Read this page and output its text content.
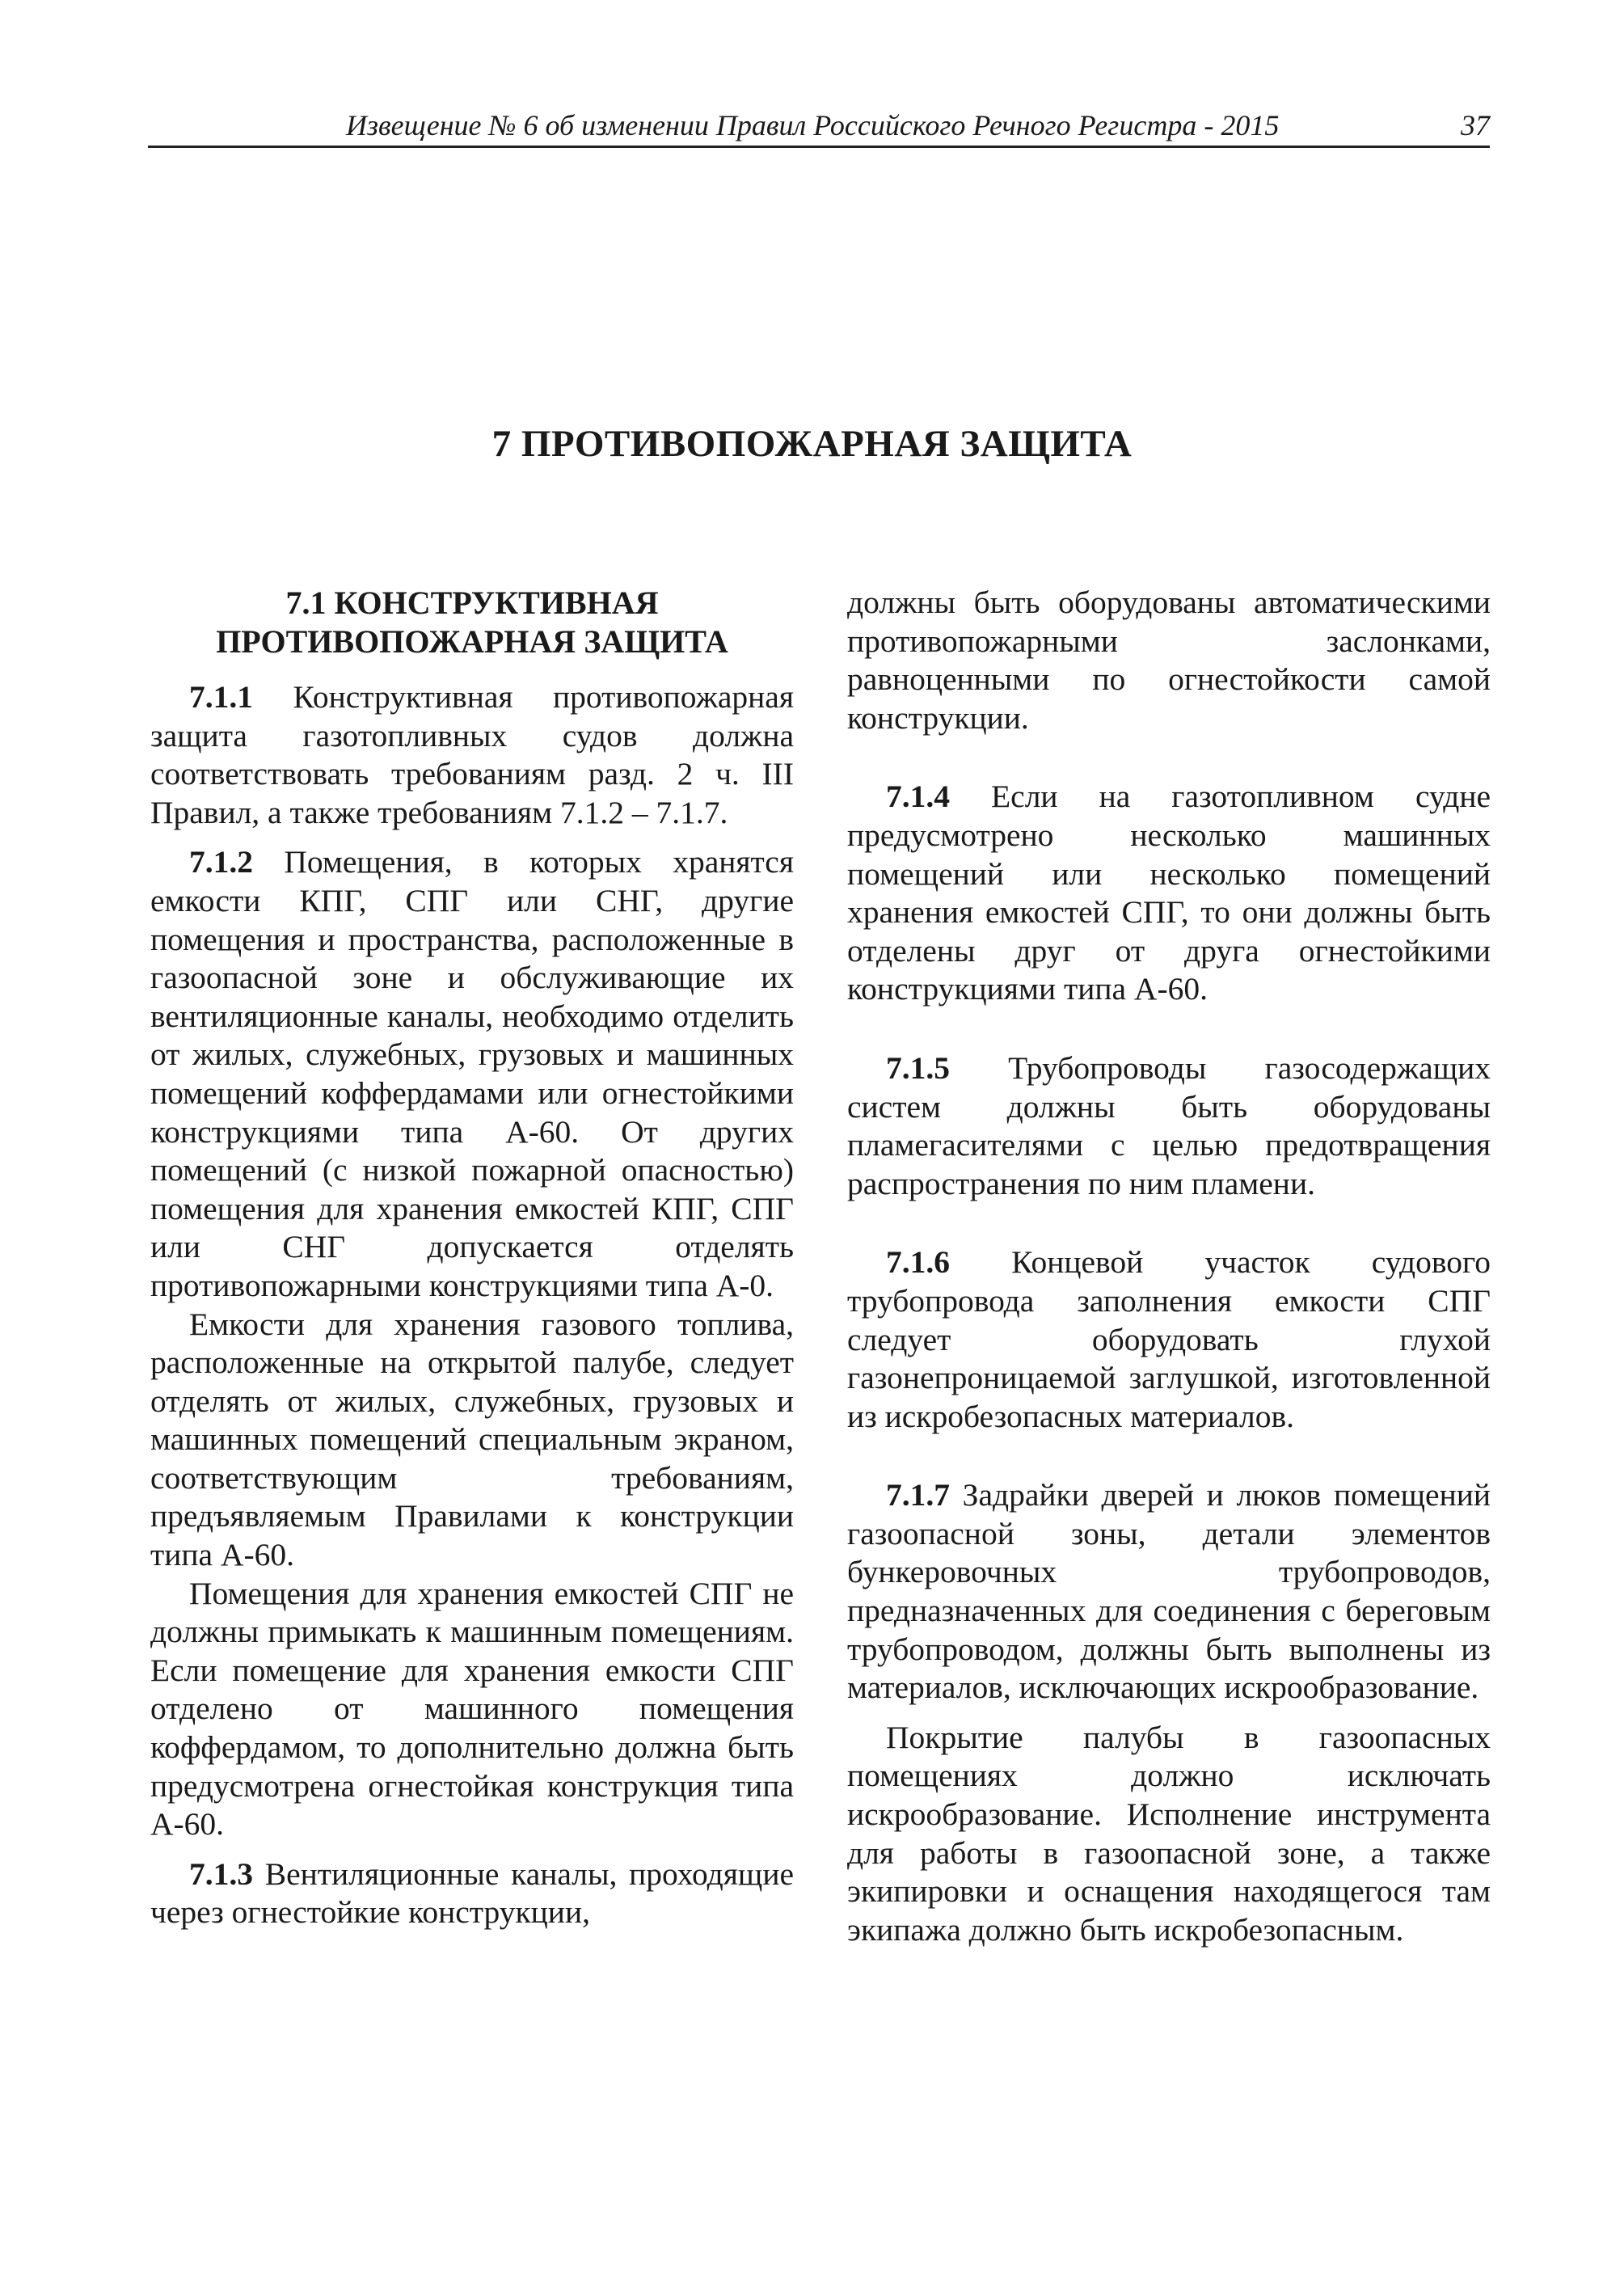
Извещение № 6 об изменении Правил Российского Речного Регистра - 2015	37
7 ПРОТИВОПОЖАРНАЯ ЗАЩИТА
7.1 КОНСТРУКТИВНАЯ
ПРОТИВОПОЖАРНАЯ ЗАЩИТА

7.1.1 Конструктивная противопожарная защита газотопливных судов должна соответствовать требованиям разд. 2 ч. III Правил, а также требованиям 7.1.2 – 7.1.7.

7.1.2 Помещения, в которых хранятся емкости КПГ, СПГ или СНГ, другие помещения и пространства, расположенные в газоопасной зоне и обслуживающие их вентиляционные каналы, необходимо отделить от жилых, служебных, грузовых и машинных помещений коффердамами или огнестойкими конструкциями типа А-60. От других помещений (с низкой пожарной опасностью) помещения для хранения емкостей КПГ, СПГ или СНГ допускается отделять противопожарными конструкциями типа А-0.

Емкости для хранения газового топлива, расположенные на открытой палубе, следует отделять от жилых, служебных, грузовых и машинных помещений специальным экраном, соответствующим требованиям, предъявляемым Правилами к конструкции типа А-60.

Помещения для хранения емкостей СПГ не должны примыкать к машинным помещениям. Если помещение для хранения емкости СПГ отделено от машинного помещения коффердамом, то дополнительно должна быть предусмотрена огнестойкая конструкция типа А-60.

7.1.3 Вентиляционные каналы, проходящие через огнестойкие конструкции,

должны быть оборудованы автоматическими противопожарными заслонками, равноценными по огнестойкости самой конструкции.

7.1.4 Если на газотопливном судне предусмотрено несколько машинных помещений или несколько помещений хранения емкостей СПГ, то они должны быть отделены друг от друга огнестойкими конструкциями типа А-60.

7.1.5 Трубопроводы газосодержащих систем должны быть оборудованы пламегасителями с целью предотвращения распространения по ним пламени.

7.1.6 Концевой участок судового трубопровода заполнения емкости СПГ следует оборудовать глухой газонепроницаемой заглушкой, изготовленной из искробезопасных материалов.

7.1.7 Задрайки дверей и люков помещений газоопасной зоны, детали элементов бункеровочных трубопроводов, предназначенных для соединения с береговым трубопроводом, должны быть выполнены из материалов, исключающих искрообразование.

Покрытие палубы в газоопасных помещениях должно исключать искрообразование. Исполнение инструмента для работы в газоопасной зоне, а также экипировки и оснащения находящегося там экипажа должно быть искробезопасным.
